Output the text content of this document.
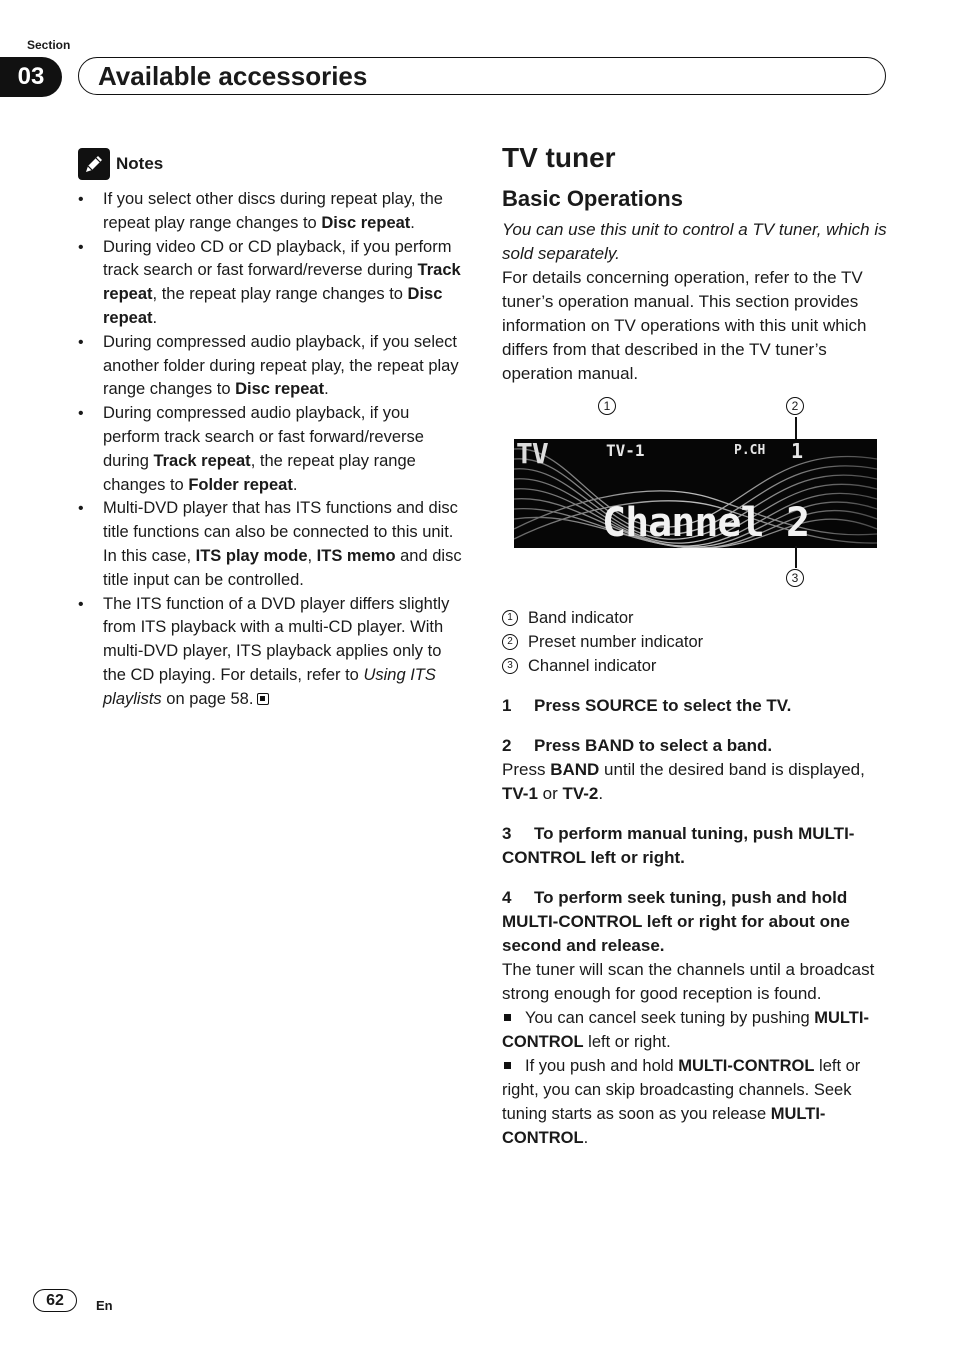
Section
03	Available accessories
Notes
• If you select other discs during repeat play, the repeat play range changes to Disc repeat.
• During video CD or CD playback, if you perform track search or fast forward/reverse during Track repeat, the repeat play range changes to Disc repeat.
• During compressed audio playback, if you select another folder during repeat play, the repeat play range changes to Disc repeat.
• During compressed audio playback, if you perform track search or fast forward/reverse during Track repeat, the repeat play range changes to Folder repeat.
• Multi-DVD player that has ITS functions and disc title functions can also be connected to this unit. In this case, ITS play mode, ITS memo and disc title input can be controlled.
• The ITS function of a DVD player differs slightly from ITS playback with a multi-CD player. With multi-DVD player, ITS playback applies only to the CD playing. For details, refer to Using ITS playlists on page 58.
TV tuner
Basic Operations

You can use this unit to control a TV tuner, which is sold separately.

For details concerning operation, refer to the TV tuner’s operation manual. This section provides information on TV operations with this unit which differs from that described in the TV tuner’s operation manual.

1	2
TV	TV-1	P.CH 1
Channel 2
3
1 Band indicator
2 Preset number indicator
3 Channel indicator
1 Press SOURCE to select the TV.
2 Press BAND to select a band.

Press BAND until the desired band is displayed, TV-1 or TV-2.

3 To perform manual tuning, push MULTI-CONTROL left or right.
4 To perform seek tuning, push and hold MULTI-CONTROL left or right for about one second and release.

The tuner will scan the channels until a broadcast strong enough for good reception is found.

You can cancel seek tuning by pushing MULTI-CONTROL left or right.
If you push and hold MULTI-CONTROL left or right, you can skip broadcasting channels. Seek tuning starts as soon as you release MULTI-CONTROL.
62	En
